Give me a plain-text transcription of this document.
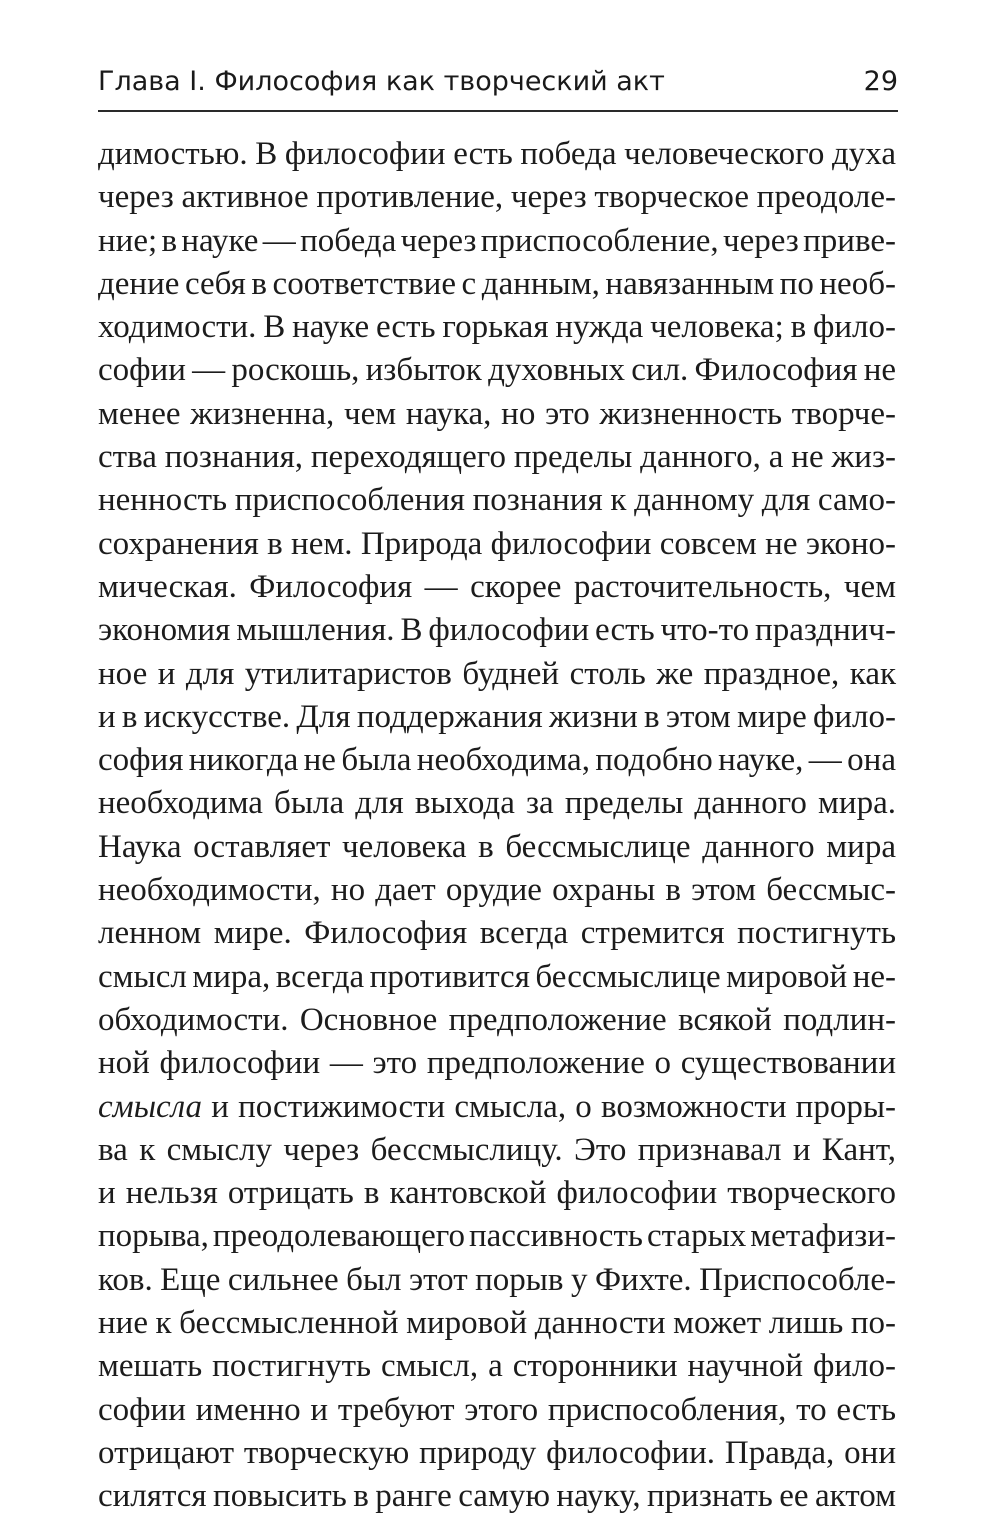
Глава I. Философия как творческий акт	29
димостью. В философии есть победа человеческого духа
через активное противление, через творческое преодоле-
ние; в науке — победа через приспособление, через приве-
дение себя в соответствие с данным, навязанным по необ-
ходимости. В науке есть горькая нужда человека; в фило-
софии — роскошь, избыток духовных сил. Философия не
менее жизненна, чем наука, но это жизненность творче-
ства познания, переходящего пределы данного, а не жиз-
ненность приспособления познания к данному для само-
сохранения в нем. Природа философии совсем не эконо-
мическая. Философия — скорее расточительность, чем
экономия мышления. В философии есть что-то празднич-
ное и для утилитаристов будней столь же праздное, как
и в искусстве. Для поддержания жизни в этом мире фило-
софия никогда не была необходима, подобно науке, — она
необходима была для выхода за пределы данного мира.
Наука оставляет человека в бессмыслице данного мира
необходимости, но дает орудие охраны в этом бессмыс-
ленном мире. Философия всегда стремится постигнуть
смысл мира, всегда противится бессмыслице мировой не-
обходимости. Основное предположение всякой подлин-
ной философии — это предположение о существовании
смысла и постижимости смысла, о возможности проры-
ва к смыслу через бессмыслицу. Это признавал и Кант,
и нельзя отрицать в кантовской философии творческого
порыва, преодолевающего пассивность старых метафизи-
ков. Еще сильнее был этот порыв у Фихте. Приспособле-
ние к бессмысленной мировой данности может лишь по-
мешать постигнуть смысл, а сторонники научной фило-
софии именно и требуют этого приспособления, то есть
отрицают творческую природу философии. Правда, они
силятся повысить в ранге самую науку, признать ее актом
